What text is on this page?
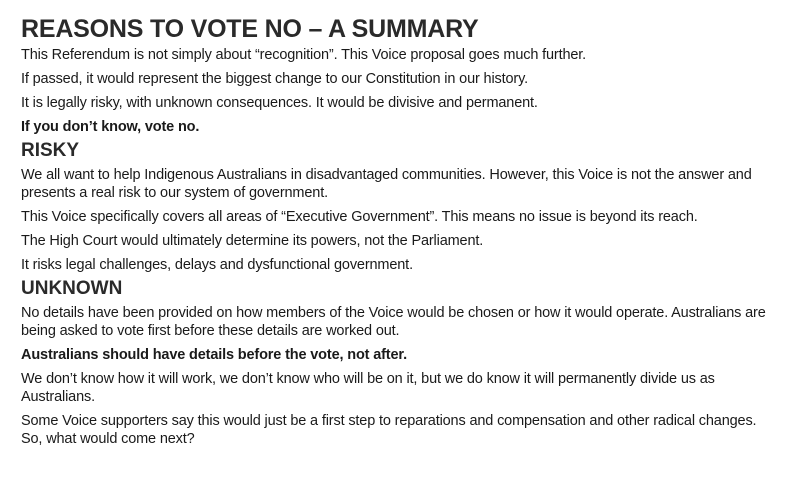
REASONS TO VOTE NO – A SUMMARY

This Referendum is not simply about “recognition”. This Voice proposal goes much further.

If passed, it would represent the biggest change to our Constitution in our history.

It is legally risky, with unknown consequences. It would be divisive and permanent.

If you don’t know, vote no.

RISKY

We all want to help Indigenous Australians in disadvantaged communities. However, this Voice is not the answer and presents a real risk to our system of government.

This Voice specifically covers all areas of “Executive Government”. This means no issue is beyond its reach.

The High Court would ultimately determine its powers, not the Parliament.

It risks legal challenges, delays and dysfunctional government.

UNKNOWN

No details have been provided on how members of the Voice would be chosen or how it would operate. Australians are being asked to vote first before these details are worked out.

Australians should have details before the vote, not after.

We don’t know how it will work, we don’t know who will be on it, but we do know it will permanently divide us as Australians.

Some Voice supporters say this would just be a first step to reparations and compensation and other radical changes. So, what would come next?
